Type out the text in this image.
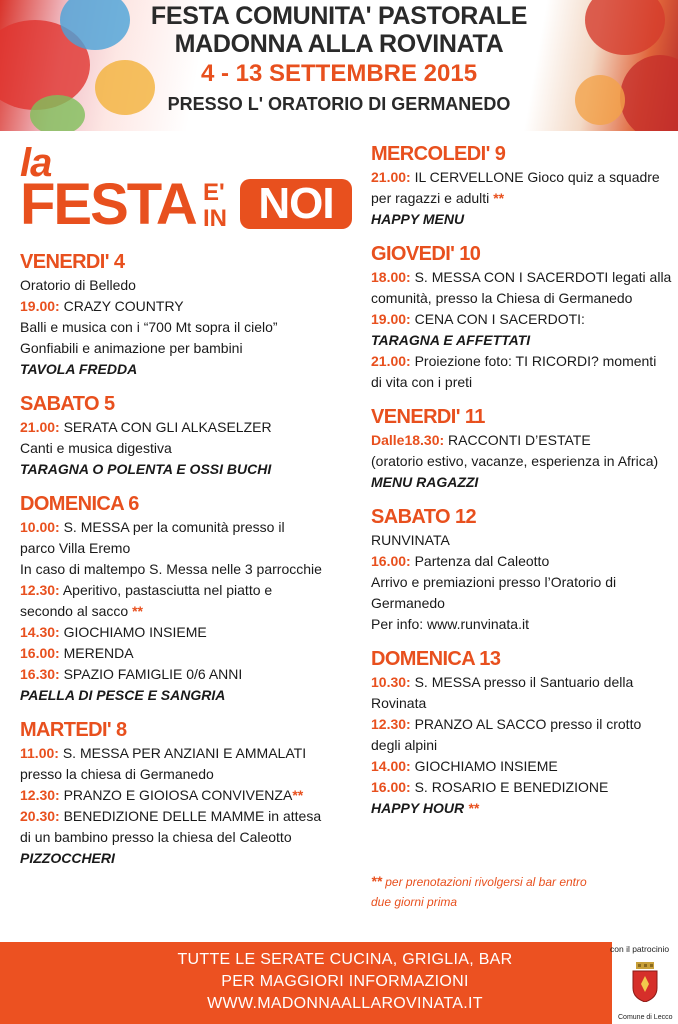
FESTA COMUNITA' PASTORALE
MADONNA ALLA ROVINATA
4 - 13 SETTEMBRE 2015
PRESSO L' ORATORIO DI GERMANEDO
la
FESTA E'
IN NOI
VENERDI' 4

Oratorio di Belledo

19.00: CRAZY COUNTRY

Balli e musica con i “700 Mt sopra il cielo”

Gonfiabili e animazione per bambini

TAVOLA FREDDA

SABATO 5

21.00: SERATA CON GLI ALKASELZER

Canti e musica digestiva

TARAGNA O POLENTA E OSSI BUCHI

DOMENICA 6

10.00: S. MESSA per la comunità presso il

parco Villa Eremo

In caso di maltempo S. Messa nelle 3 parrocchie

12.30: Aperitivo, pastasciutta nel piatto e

secondo al sacco **

14.30: GIOCHIAMO INSIEME

16.00: MERENDA

16.30: SPAZIO FAMIGLIE 0/6 ANNI

PAELLA DI PESCE E SANGRIA

MARTEDI' 8

11.00: S. MESSA PER ANZIANI E AMMALATI

presso la chiesa di Germanedo

12.30: PRANZO E GIOIOSA CONVIVENZA**

20.30: BENEDIZIONE DELLE MAMME in attesa

di un bambino presso la chiesa del Caleotto

PIZZOCCHERI

MERCOLEDI' 9

21.00: IL CERVELLONE Gioco quiz a squadre

per ragazzi e adulti **

HAPPY MENU

GIOVEDI' 10

18.00: S. MESSA CON I SACERDOTI legati alla

comunità, presso la Chiesa di Germanedo

19.00: CENA CON I SACERDOTI:

TARAGNA E AFFETTATI

21.00: Proiezione foto: TI RICORDI? momenti

di vita con i preti

VENERDI' 11

Dalle18.30: RACCONTI D’ESTATE

(oratorio estivo, vacanze, esperienza in Africa)

MENU RAGAZZI

SABATO 12

RUNVINATA

16.00: Partenza dal Caleotto

Arrivo e premiazioni presso l’Oratorio di

Germanedo

Per info: www.runvinata.it

DOMENICA 13

10.30: S. MESSA presso il Santuario della

Rovinata

12.30: PRANZO AL SACCO presso il crotto

degli alpini

14.00: GIOCHIAMO INSIEME

16.00: S. ROSARIO E BENEDIZIONE

HAPPY HOUR **

** per prenotazioni rivolgersi al bar entro
due giorni prima
TUTTE LE SERATE CUCINA, GRIGLIA, BAR
PER MAGGIORI INFORMAZIONI
WWW.MADONNAALLAROVINATA.IT
con il patrocinio
Comune di Lecco
